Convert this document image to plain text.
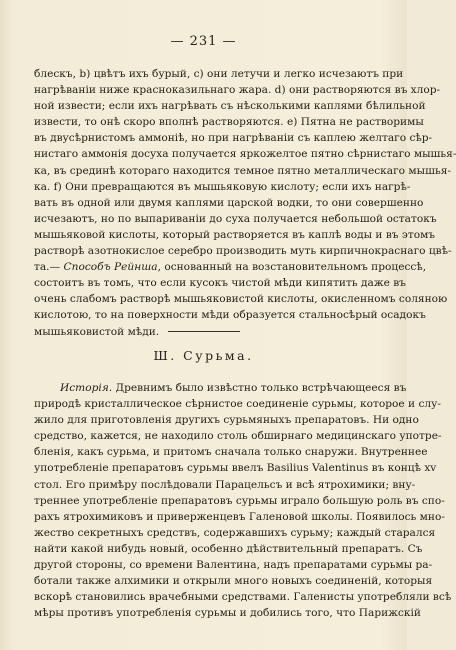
— 231 —
блескъ, b) цвѣтъ ихъ бурый, c) они летучи и легко исчезаютъ при
нагрѣваніи ниже красноказильнаго жара. d) они растворяются въ хлор-
ной извести; если ихъ нагрѣвать съ нѣсколькими каплями бѣлильной
извести, то онѣ скоро вполнѣ растворяются. e) Пятна не растворимы
въ двусѣрнистомъ аммоніѣ, но при нагрѣваніи съ каплею желтаго сѣр-
нистаго аммонія досуха получается яркожелтое пятно сѣрнистаго мышья-
ка, въ срединѣ котораго находится темное пятно металлическаго мышья-
ка. f) Они превращаются въ мышьяковую кислоту; если ихъ нагрѣ-
вать въ одной или двумя каплями царской водки, то они совершенно
исчезаютъ, но по выпариваніи до суха получается небольшой остатокъ
мышьяковой кислоты, который растворяется въ каплѣ воды и въ этомъ
растворѣ азотнокислое серебро производить муть кирпичнокраснаго цвѣ-
та.— Способъ Рейнша, основанный на возстановительномъ процессѣ,
состоитъ въ томъ, что если кусокъ чистой мѣди кипятить даже въ
очень слабомъ растворѣ мышьяковистой кислоты, окисленномъ соляною
кислотою, то на поверхности мѣди образуется стальносѣрый осадокъ
мышьяковистой мѣди.
Ш. Сурьма.
Исторія. Древнимъ было извѣстно только встрѣчающееся въ
природѣ кристаллическое сѣрнистое соединеніе сурьмы, которое и слу-
жило для приготовленія другихъ сурьмяныхъ препаратовъ. Ни одно
средство, кажется, не находило столь обширнаго медицинскаго употре-
бленія, какъ сурьма, и притомъ сначала только снаружи. Внутреннее
употребленіе препаратовъ сурьмы ввелъ Basilius Valentinus въ концѣ xv
стол. Его примѣру послѣдовали Парацельсъ и всѣ ятрохимики; вну-
треннее употребленіе препаратовъ сурьмы играло большую роль въ спо-
рахъ ятрохимиковъ и приверженцевъ Галеновой школы. Появилось мно-
жество секретныхъ средствъ, содержавшихъ сурьму; каждый старался
найти какой нибудь новый, особенно дѣйствительный препаратъ. Съ
другой стороны, со времени Валентина, надъ препаратами сурьмы ра-
ботали также алхимики и открыли много новыхъ соединеній, которыя
вскорѣ становились врачебными средствами. Галенисты употребляли всѣ
мѣры противъ употребленія сурьмы и добились того, что Парижскій
